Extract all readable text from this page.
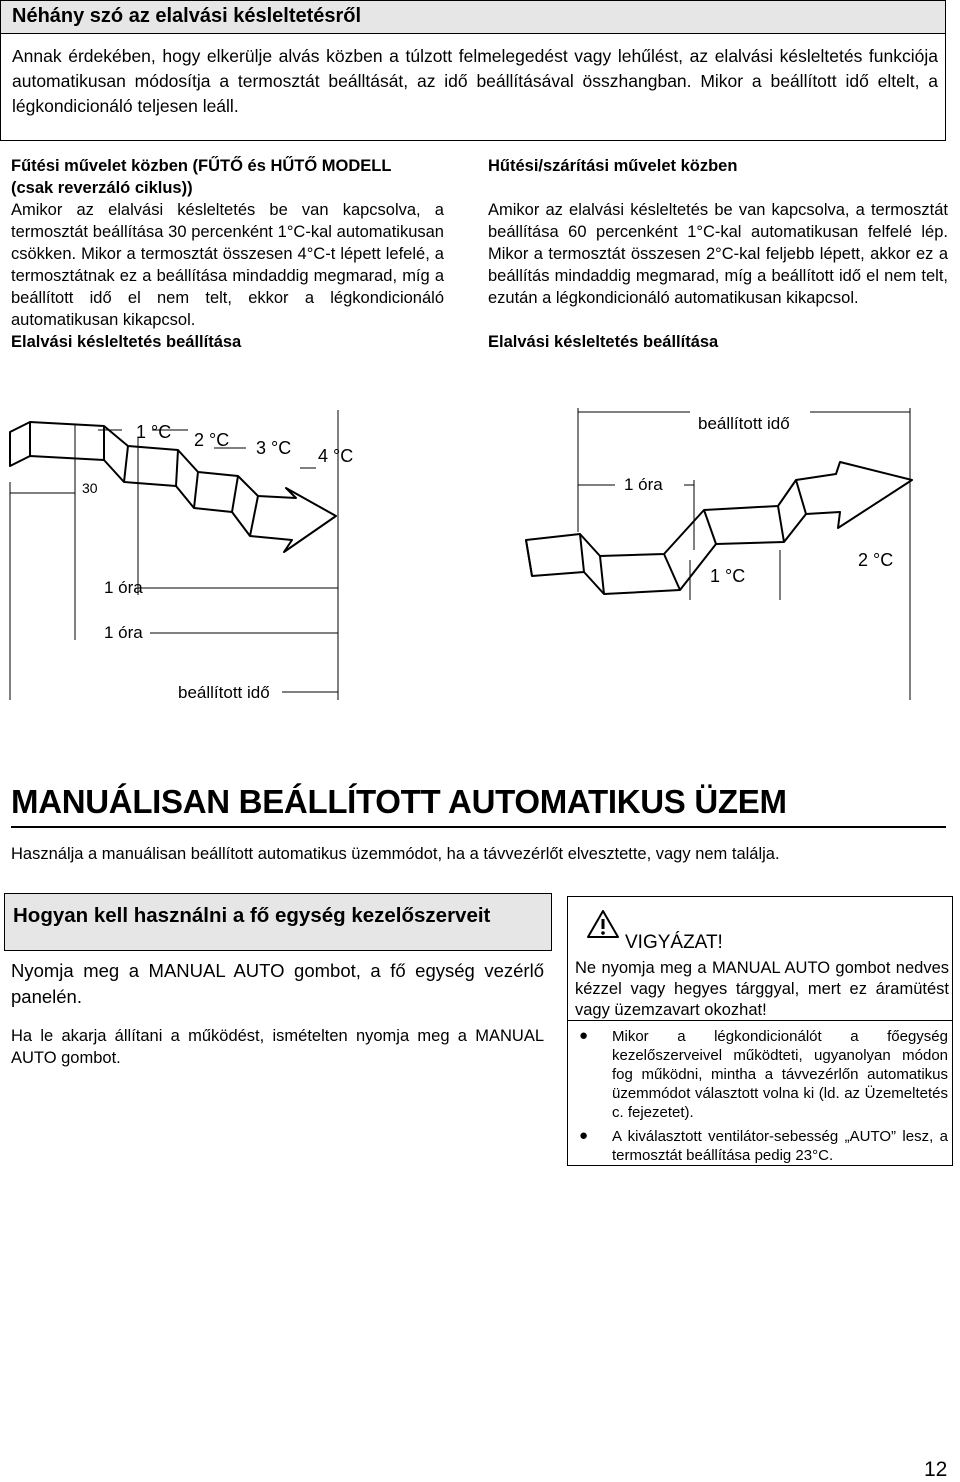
Néhány szó az elalvási késleltetésről
Annak érdekében, hogy elkerülje alvás közben a túlzott felmelegedést vagy lehűlést, az elalvási késleltetés funkciója automatikusan módosítja a termosztát beálltását, az idő beállításával összhangban. Mikor a beállított idő eltelt, a légkondicionáló teljesen leáll.
Fűtési művelet közben (FŰTŐ és HŰTŐ MODELL
(csak reverzáló ciklus))

Amikor az elalvási késleltetés be van kapcsolva, a termosztát beállítása 30 percenként 1°C-kal automatikusan csökken. Mikor a termosztát összesen 4°C-t lépett lefelé, a termosztátnak ez a beállítása mindaddig megmarad, míg a beállított idő el nem telt, ekkor a légkondicionáló automatikusan kikapcsol.

Elalvási késleltetés beállítása
Hűtési/szárítási művelet közben

Amikor az elalvási késleltetés be van kapcsolva, a termosztát beállítása 60 percenként 1°C-kal automatikusan felfelé lép. Mikor a termosztát összesen 2°C-kal feljebb lépett, akkor ez a beállítás mindaddig megmarad, míg a beállított idő el nem telt, ezután a légkondicionáló automatikusan kikapcsol.

Elalvási késleltetés beállítása
1 °C 2 °C 3 °C 4 °C
30
1 óra
1 óra
beállított idő
beállított idő
1 óra
1 °C
2 °C
MANUÁLISAN BEÁLLÍTOTT AUTOMATIKUS ÜZEM
Használja a manuálisan beállított automatikus üzemmódot, ha a távvezérlőt elvesztette, vagy nem találja.
Hogyan kell használni a fő egység kezelőszerveit
Nyomja meg a MANUAL AUTO gombot, a fő egység vezérlő panelén.
Ha le akarja állítani a működést, ismételten nyomja meg a MANUAL AUTO gombot.
VIGYÁZAT!
Ne nyomja meg a MANUAL AUTO gombot nedves kézzel vagy hegyes tárggyal, mert ez áramütést vagy üzemzavart okozhat!
● Mikor a légkondicionálót a főegység kezelőszerveivel működteti, ugyanolyan módon fog működni, mintha a távvezérlőn automatikus üzemmódot választott volna ki (ld. az Üzemeltetés c. fejezetet).
● A kiválasztott ventilátor-sebesség „AUTO” lesz, a termosztát beállítása pedig 23°C.
12
